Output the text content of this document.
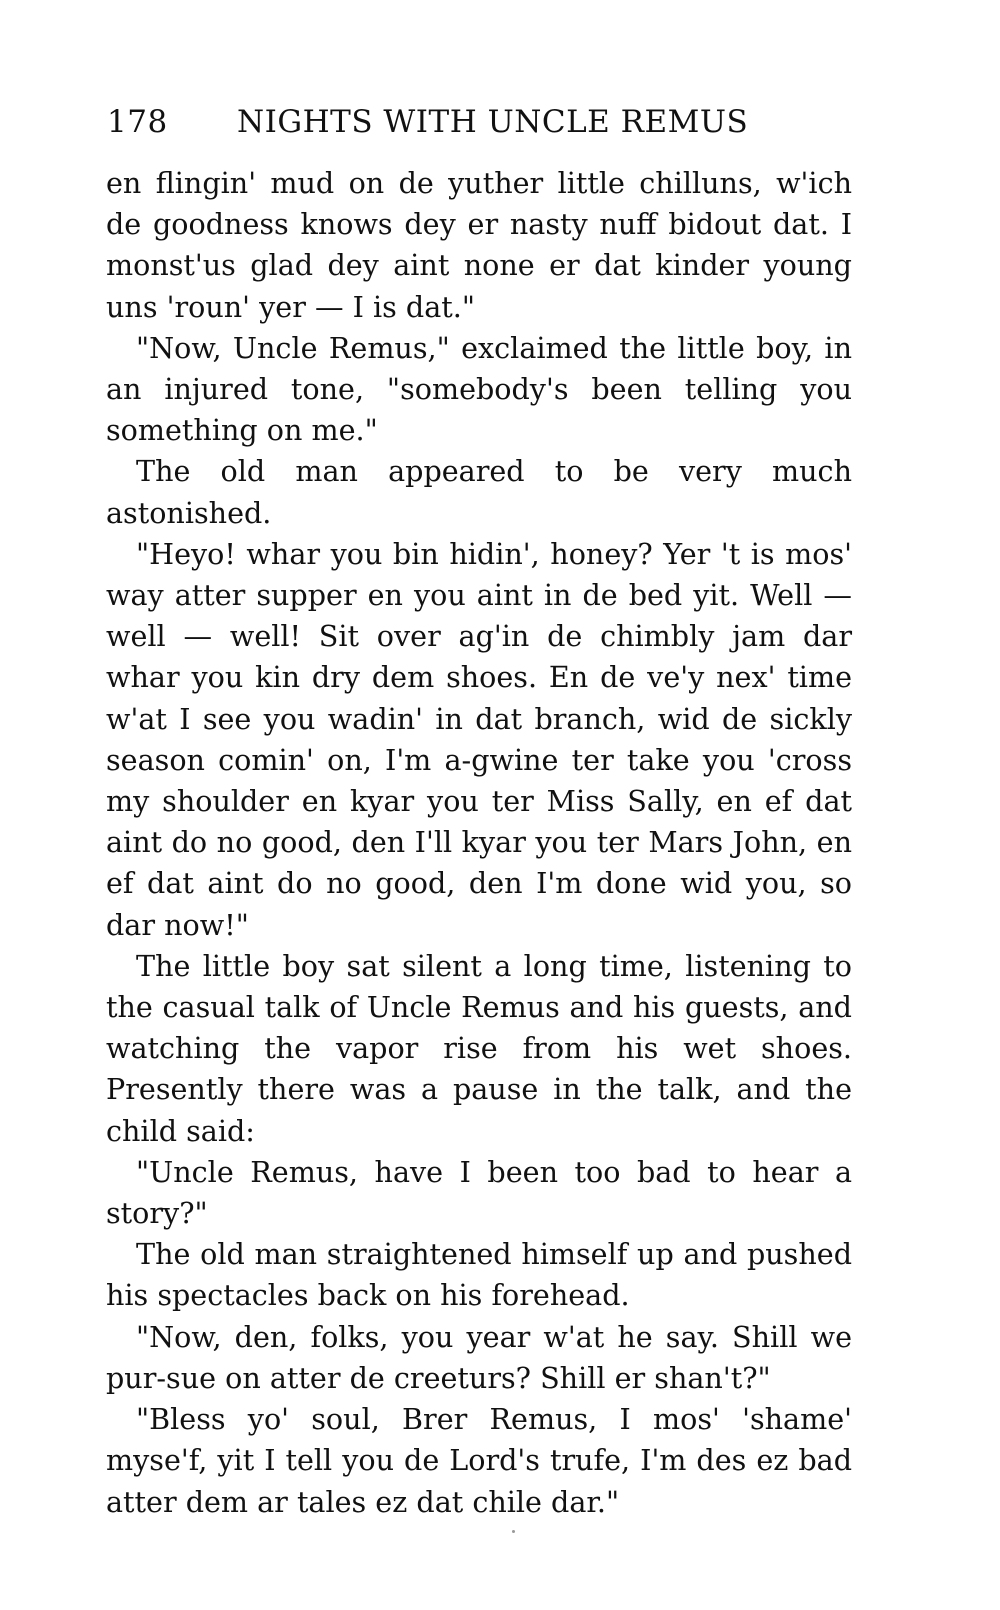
178 NIGHTS WITH UNCLE REMUS

en flingin' mud on de yuther little chilluns, w'ich de goodness knows dey er nasty nuff bidout dat. I monst'us glad dey aint none er dat kinder young uns 'roun' yer — I is dat."

"Now, Uncle Remus," exclaimed the little boy, in an injured tone, "somebody's been telling you something on me."

The old man appeared to be very much astonished.

"Heyo! whar you bin hidin', honey? Yer 't is mos' way atter supper en you aint in de bed yit. Well — well — well! Sit over ag'in de chimbly jam dar whar you kin dry dem shoes. En de ve'y nex' time w'at I see you wadin' in dat branch, wid de sickly season comin' on, I'm a-gwine ter take you 'cross my shoulder en kyar you ter Miss Sally, en ef dat aint do no good, den I'll kyar you ter Mars John, en ef dat aint do no good, den I'm done wid you, so dar now!"

The little boy sat silent a long time, listening to the casual talk of Uncle Remus and his guests, and watching the vapor rise from his wet shoes. Presently there was a pause in the talk, and the child said:

"Uncle Remus, have I been too bad to hear a story?"

The old man straightened himself up and pushed his spectacles back on his forehead.

"Now, den, folks, you year w'at he say. Shill we pur-sue on atter de creeturs? Shill er shan't?"

"Bless yo' soul, Brer Remus, I mos' 'shame' myse'f, yit I tell you de Lord's trufe, I'm des ez bad atter dem ar tales ez dat chile dar."
